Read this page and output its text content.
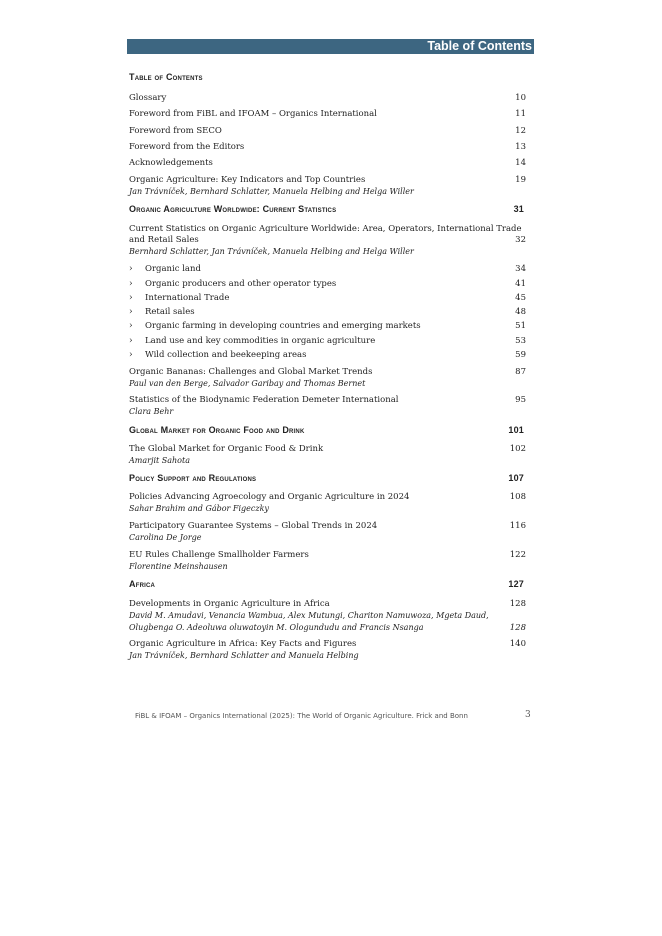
Table of Contents
Table of Contents
Glossary	10
Foreword from FiBL and IFOAM – Organics International	11
Foreword from SECO	12
Foreword from the Editors	13
Acknowledgements	14
Organic Agriculture: Key Indicators and Top Countries	19
Jan Trávníček, Bernhard Schlatter, Manuela Helbing and Helga Willer
Organic Agriculture Worldwide: Current Statistics	31
Current Statistics on Organic Agriculture Worldwide: Area, Operators, International Trade and Retail Sales	32
Bernhard Schlatter, Jan Trávníček, Manuela Helbing and Helga Willer
› Organic land	34
› Organic producers and other operator types	41
› International Trade	45
› Retail sales	48
› Organic farming in developing countries and emerging markets	51
› Land use and key commodities in organic agriculture	53
› Wild collection and beekeeping areas	59
Organic Bananas: Challenges and Global Market Trends	87
Paul van den Berge, Salvador Garibay and Thomas Bernet
Statistics of the Biodynamic Federation Demeter International	95
Clara Behr
Global Market for Organic Food and Drink	101
The Global Market for Organic Food & Drink	102
Amarjit Sahota
Policy Support and Regulations	107
Policies Advancing Agroecology and Organic Agriculture in 2024	108
Sahar Brahim and Gábor Figeczky
Participatory Guarantee Systems – Global Trends in 2024	116
Carolina De Jorge
EU Rules Challenge Smallholder Farmers	122
Florentine Meinshausen
Africa	127
Developments in Organic Agriculture in Africa	128
David M. Amudavi, Venancia Wambua, Alex Mutungi, Chariton Namuwoza, Mgeta Daud,
Olugbenga O. Adeoluwa oluwatoyin M. Ologundudu and Francis Nsanga	128
Organic Agriculture in Africa: Key Facts and Figures	140
Jan Trávníček, Bernhard Schlatter and Manuela Helbing
FiBL & IFOAM – Organics International (2025): The World of Organic Agriculture. Frick and Bonn	3
